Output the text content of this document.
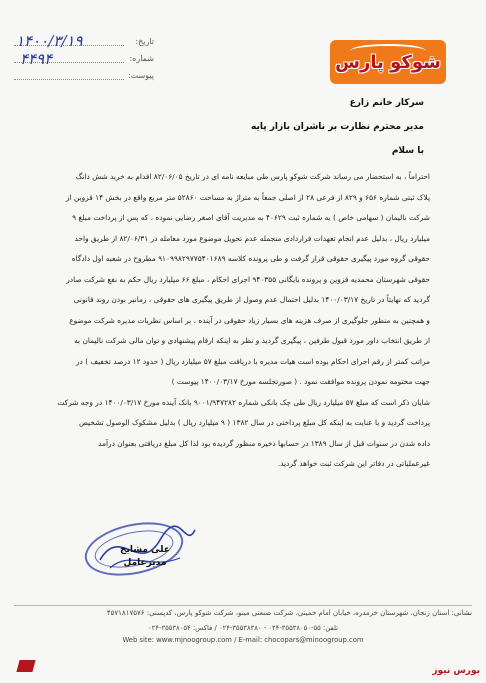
تاریخ:
شماره:
پیوست:
۱۴۰۰/۳/۱۹
۴۴۹۴	شوکو پارس
سرکار خانم زارع
مدیر محترم نظارت بر ناشران بازار پایه
با سلام

احتراماً ، به استحضار می رساند شرکت شوکو پارس طی مبایعه نامه ای در تاریخ ۸۲/۰۶/۰۵ اقدام به خرید شش دانگ

پلاک ثبتی شماره ۶۵۶ و ۸۲۹ از فرعی ۲۸ از اصلی جمعاً به متراژ به مساحت ۵۲۸۶۰ متر مربع واقع در بخش ۱۴ قزوین از

شرکت نالیمان ( سهامی خاص ) به شماره ثبت ۴۰۶۲۹ به مدیریت آقای اصغر رضایی نموده ، که پس از پرداخت مبلغ ۹

میلیارد ریال ، بدلیل عدم انجام تعهدات قراردادی منجمله عدم تحویل موضوع مورد معامله در ۸۲/۰۶/۳۱ از طریق واحد

حقوقی گروه مورد پیگیری حقوقی قرار گرفت و طی پرونده کلاسه ۹۱۰۹۹۸۲۹۷۷۵۴۰۱۶۸۹ مطروح در شعبه اول دادگاه

حقوقی شهرستان محمدیه قزوین و پرونده بایگانی ۹۴۰۳۵۵ اجرای احکام ، مبلغ ۶۶ میلیارد ریال حکم به نفع شرکت صادر

گردید که نهایتاً در تاریخ ۱۴۰۰/۰۳/۱۷ بدلیل احتمال عدم وصول از طریق پیگیری های حقوقی ، زمانبر بودن روند قانونی

و همچنین به منظور جلوگیری از صرف هزینه های بسیار زیاد حقوقی در آینده ، بر اساس نظریات مدیره شرکت موضوع

از طریق انتخاب داور مورد قبول طرفین ، پیگیری گردید و نظر به اینکه ارقام پیشنهادی و توان مالی شرکت نالیمان به

مراتب کمتر از رقم اجرای احکام بوده است هیات مدیره با دریافت مبلغ ۵۷ میلیارد ریال ( حدود ۱۲ درصد تخفیف ) در

جهت مختومه نمودن پرونده موافقت نمود . ( صورتجلسه مورخ ۱۴۰۰/۰۳/۱۷ پیوست )

شایان ذکر است که مبلغ ۵۷ میلیارد ریال طی چک بانکی شماره ۹۰۰۱/۹۴۷۲۸۲ بانک آینده مورخ ۱۴۰۰/۰۳/۱۷ در وجه شرکت

پرداخت گردید و با عنایت به اینکه کل مبلغ پرداختی در سال ۱۳۸۲ ( ۹ میلیارد ریال ) بدلیل مشکوک الوصول تشخیص

داده شدن در سنوات قبل از سال ۱۳۸۹ در حسابها ذخیره منظور گردیده بود لذا کل مبلغ دریافتی بعنوان درآمد

غیرعملیاتی در دفاتر این شرکت ثبت خواهد گردید.

علی مشایخ
مدیرعامل
نشانی: استان زنجان، شهرستان خرمدره، خیابان امام خمینی، شرکت صنعتی مینو، شرکت شوکو پارس، کدپستی: ۴۵۷۱۸۱۷۵۷۶
تلفن: ۵۵-۳۵۵۳۸۰۵۰-۰۲۴ - ۳۵۵۳۸۳۸۰-۰۲۴ / فاکس: ۳۵۵۳۸۰۵۴-۰۲۴
Web site: www.mjnoogroup.com / E-mail: chocopars@minoogroup.com
بورس نیوز
